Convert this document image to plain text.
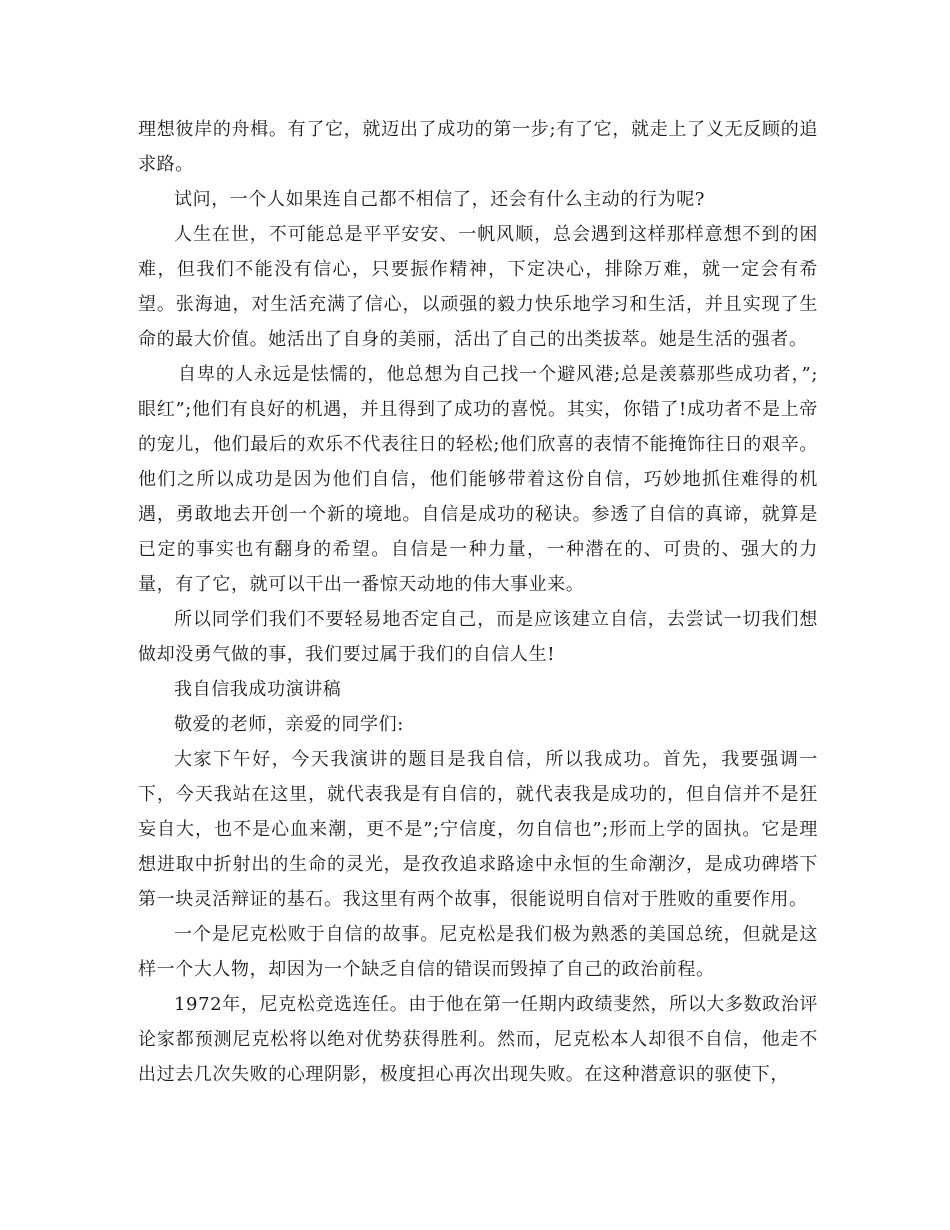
理想彼岸的舟楫。有了它，就迈出了成功的第一步;有了它，就走上了义无反顾的追求路。

试问，一个人如果连自己都不相信了，还会有什么主动的行为呢?

人生在世，不可能总是平平安安、一帆风顺，总会遇到这样那样意想不到的困难，但我们不能没有信心，只要振作精神，下定决心，排除万难，就一定会有希望。张海迪，对生活充满了信心，以顽强的毅力快乐地学习和生活，并且实现了生命的最大价值。她活出了自身的美丽，活出了自己的出类拔萃。她是生活的强者。

自卑的人永远是怯懦的，他总想为自己找一个避风港;总是羡慕那些成功者，”;眼红”;他们有良好的机遇，并且得到了成功的喜悦。其实，你错了!成功者不是上帝的宠儿，他们最后的欢乐不代表往日的轻松;他们欣喜的表情不能掩饰往日的艰辛。他们之所以成功是因为他们自信，他们能够带着这份自信，巧妙地抓住难得的机遇，勇敢地去开创一个新的境地。自信是成功的秘诀。参透了自信的真谛，就算是已定的事实也有翻身的希望。自信是一种力量，一种潜在的、可贵的、强大的力量，有了它，就可以干出一番惊天动地的伟大事业来。

所以同学们我们不要轻易地否定自己，而是应该建立自信，去尝试一切我们想做却没勇气做的事，我们要过属于我们的自信人生!

我自信我成功演讲稿

敬爱的老师，亲爱的同学们:

大家下午好，今天我演讲的题目是我自信，所以我成功。首先，我要强调一下，今天我站在这里，就代表我是有自信的，就代表我是成功的，但自信并不是狂妄自大，也不是心血来潮，更不是”;宁信度，勿自信也”;形而上学的固执。它是理想进取中折射出的生命的灵光，是孜孜追求路途中永恒的生命潮汐，是成功碑塔下第一块灵活辩证的基石。我这里有两个故事，很能说明自信对于胜败的重要作用。

一个是尼克松败于自信的故事。尼克松是我们极为熟悉的美国总统，但就是这样一个大人物，却因为一个缺乏自信的错误而毁掉了自己的政治前程。

1972年，尼克松竞选连任。由于他在第一任期内政绩斐然，所以大多数政治评论家都预测尼克松将以绝对优势获得胜利。然而，尼克松本人却很不自信，他走不出过去几次失败的心理阴影，极度担心再次出现失败。在这种潜意识的驱使下，
